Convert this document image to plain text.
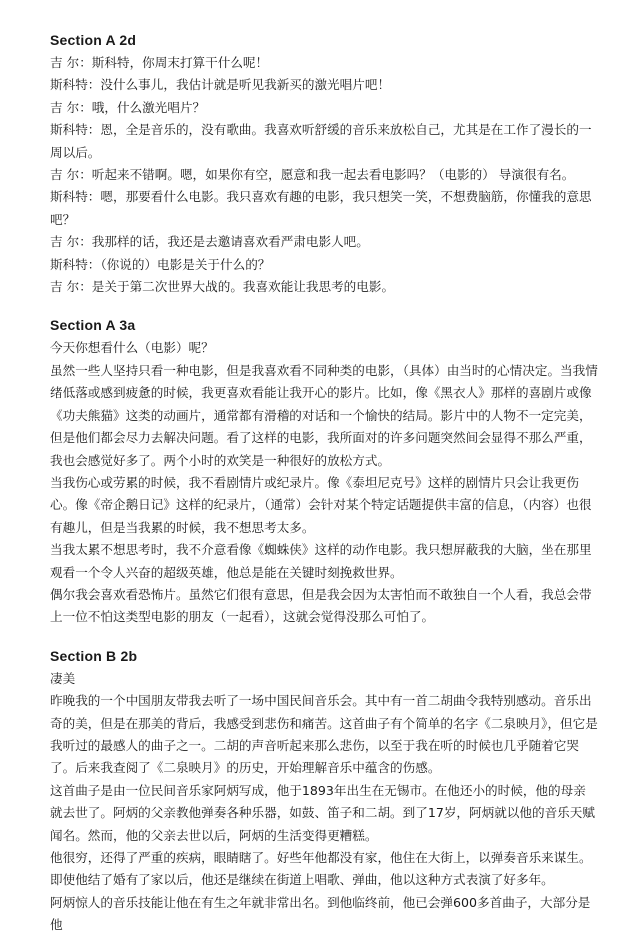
Section A 2d

吉 尔：斯科特，你周末打算干什么呢！

斯科特：没什么事儿，我估计就是听见我新买的激光唱片吧！

吉 尔：哦，什么激光唱片？

斯科特：恩，全是音乐的，没有歌曲。我喜欢听舒缓的音乐来放松自己，尤其是在工作了漫长的一周以后。

吉 尔：听起来不错啊。嗯，如果你有空，愿意和我一起去看电影吗？（电影的） 导演很有名。

斯科特：嗯，那要看什么电影。我只喜欢有趣的电影，我只想笑一笑，不想费脑筋，你懂我的意思吧？

吉 尔：我那样的话，我还是去邀请喜欢看严肃电影人吧。

斯科特：（你说的）电影是关于什么的？

吉 尔：是关于第二次世界大战的。我喜欢能让我思考的电影。

Section A 3a

今天你想看什么（电影）呢？

虽然一些人坚持只看一种电影，但是我喜欢看不同种类的电影，（具体）由当时的心情决定。当我情绪低落或感到疲惫的时候，我更喜欢看能让我开心的影片。比如，像《黑衣人》那样的喜剧片或像《功夫熊猫》这类的动画片，通常都有滑稽的对话和一个愉快的结局。影片中的人物不一定完美，但是他们都会尽力去解决问题。看了这样的电影，我所面对的许多问题突然间会显得不那么严重，我也会感觉好多了。两个小时的欢笑是一种很好的放松方式。

当我伤心或劳累的时候，我不看剧情片或纪录片。像《泰坦尼克号》这样的剧情片只会让我更伤心。像《帝企鹅日记》这样的纪录片，（通常）会针对某个特定话题提供丰富的信息，（内容）也很有趣儿，但是当我累的时候，我不想思考太多。

当我太累不想思考时，我不介意看像《蜘蛛侠》这样的动作电影。我只想屏蔽我的大脑，坐在那里观看一个令人兴奋的超级英雄，他总是能在关键时刻挽救世界。

偶尔我会喜欢看恐怖片。虽然它们很有意思，但是我会因为太害怕而不敢独自一个人看，我总会带上一位不怕这类型电影的朋友（一起看），这就会觉得没那么可怕了。

Section B 2b

凄美

昨晚我的一个中国朋友带我去听了一场中国民间音乐会。其中有一首二胡曲令我特别感动。音乐出奇的美，但是在那美的背后，我感受到悲伤和痛苦。这首曲子有个简单的名字《二泉映月》，但它是我听过的最感人的曲子之一。二胡的声音听起来那么悲伤，以至于我在听的时候也几乎随着它哭了。后来我查阅了《二泉映月》的历史，开始理解音乐中蕴含的伤感。

这首曲子是由一位民间音乐家阿炳写成，他于1893年出生在无锡市。在他还小的时候，他的母亲就去世了。阿炳的父亲教他弹奏各种乐器，如鼓、笛子和二胡。到了17岁，阿炳就以他的音乐天赋闻名。然而，他的父亲去世以后，阿炳的生活变得更糟糕。

他很穷，还得了严重的疾病，眼睛瞎了。好些年他都没有家，他住在大街上，以弹奏音乐来谋生。即使他结了婚有了家以后，他还是继续在街道上唱歌、弹曲，他以这种方式表演了好多年。

阿炳惊人的音乐技能让他在有生之年就非常出名。到他临终前，他已会弹600多首曲子，大部分是他
